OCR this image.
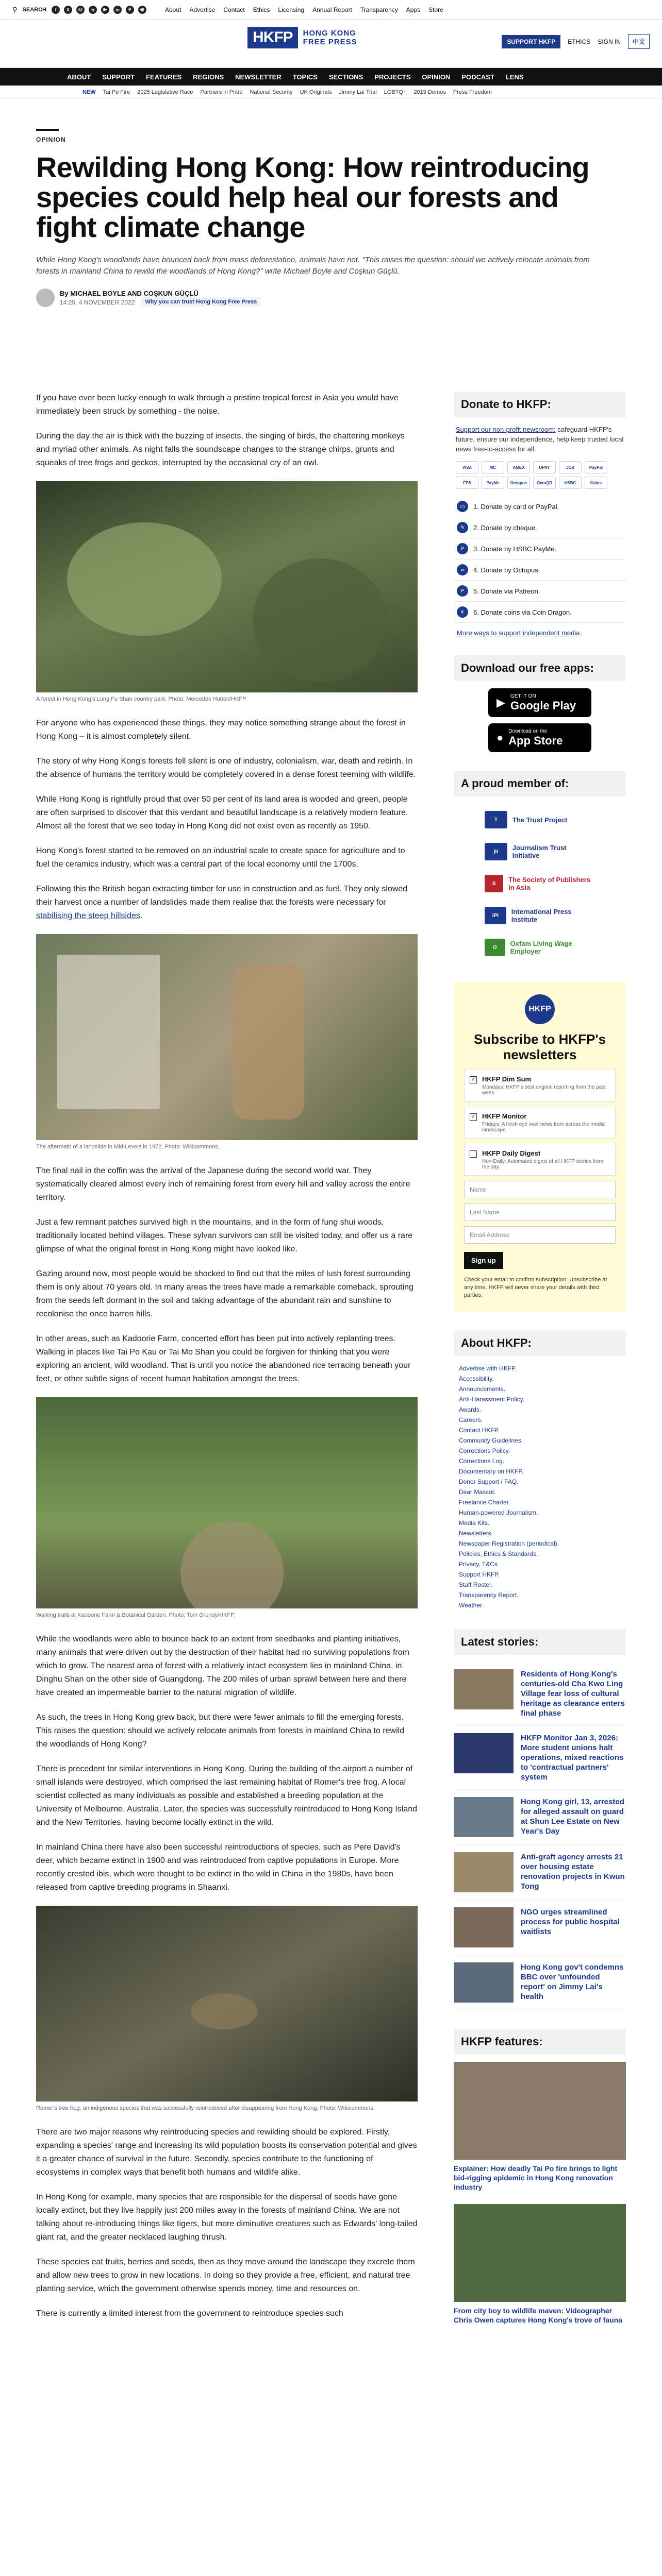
⚲ SEARCH	f	X	◎	b	▶	in	✈	◉	About Advertise Contact Ethics Licensing Annual Report Transparency Apps Store
HKFP	HONG KONG
FREE PRESS	SUPPORT HKFP	ETHICS SIGN IN	中文
ABOUT SUPPORT FEATURES REGIONS NEWSLETTER TOPICS SECTIONS PROJECTS OPINION PODCAST LENS
NEW Tai Po Fire 2025 Legislative Race Partners in Pride National Security UK Originals Jimmy Lai Trial LGBTQ+ 2019 Demos Press Freedom
OPINION
Rewilding Hong Kong: How reintroducing species could help heal our forests and fight climate change
While Hong Kong's woodlands have bounced back from mass deforestation, animals have not. "This raises the question: should we actively relocate animals from forests in mainland China to rewild the woodlands of Hong Kong?" write Michael Boyle and Coşkun Güçlü.
By MICHAEL BOYLE AND COŞKUN GÜÇLÜ
14:25, 4 NOVEMBER 2022	Why you can trust Hong Kong Free Press

If you have ever been lucky enough to walk through a pristine tropical forest in Asia you would have immediately been struck by something - the noise.

During the day the air is thick with the buzzing of insects, the singing of birds, the chattering monkeys and myriad other animals. As night falls the soundscape changes to the strange chirps, grunts and squeaks of tree frogs and geckos, interrupted by the occasional cry of an owl.

A forest in Hong Kong's Lung Fu Shan country park. Photo: Mercedes Hutton/HKFP.

For anyone who has experienced these things, they may notice something strange about the forest in Hong Kong – it is almost completely silent.

The story of why Hong Kong's forests fell silent is one of industry, colonialism, war, death and rebirth. In the absence of humans the territory would be completely covered in a dense forest teeming with wildlife.

While Hong Kong is rightfully proud that over 50 per cent of its land area is wooded and green, people are often surprised to discover that this verdant and beautiful landscape is a relatively modern feature. Almost all the forest that we see today in Hong Kong did not exist even as recently as 1950.

Hong Kong's forest started to be removed on an industrial scale to create space for agriculture and to fuel the ceramics industry, which was a central part of the local economy until the 1700s.

Following this the British began extracting timber for use in construction and as fuel. They only slowed their harvest once a number of landslides made them realise that the forests were necessary for stabilising the steep hillsides.

The aftermath of a landslide in Mid-Levels in 1972. Photo: Wikicommons.

The final nail in the coffin was the arrival of the Japanese during the second world war. They systematically cleared almost every inch of remaining forest from every hill and valley across the entire territory.

Just a few remnant patches survived high in the mountains, and in the form of fung shui woods, traditionally located behind villages. These sylvan survivors can still be visited today, and offer us a rare glimpse of what the original forest in Hong Kong might have looked like.

Gazing around now, most people would be shocked to find out that the miles of lush forest surrounding them is only about 70 years old. In many areas the trees have made a remarkable comeback, sprouting from the seeds left dormant in the soil and taking advantage of the abundant rain and sunshine to recolonise the once barren hills.

In other areas, such as Kadoorie Farm, concerted effort has been put into actively replanting trees. Walking in places like Tai Po Kau or Tai Mo Shan you could be forgiven for thinking that you were exploring an ancient, wild woodland. That is until you notice the abandoned rice terracing beneath your feet, or other subtle signs of recent human habitation amongst the trees.

Walking trails at Kadoorie Farm & Botanical Garden. Photo: Tom Grundy/HKFP.

While the woodlands were able to bounce back to an extent from seedbanks and planting initiatives, many animals that were driven out by the destruction of their habitat had no surviving populations from which to grow. The nearest area of forest with a relatively intact ecosystem lies in mainland China, in Dinghu Shan on the other side of Guangdong. The 200 miles of urban sprawl between here and there have created an impermeable barrier to the natural migration of wildlife.

As such, the trees in Hong Kong grew back, but there were fewer animals to fill the emerging forests. This raises the question: should we actively relocate animals from forests in mainland China to rewild the woodlands of Hong Kong?

There is precedent for similar interventions in Hong Kong. During the building of the airport a number of small islands were destroyed, which comprised the last remaining habitat of Romer's tree frog. A local scientist collected as many individuals as possible and established a breeding population at the University of Melbourne, Australia. Later, the species was successfully reintroduced to Hong Kong Island and the New Territories, having become locally extinct in the wild.

In mainland China there have also been successful reintroductions of species, such as Pere David's deer, which became extinct in 1900 and was reintroduced from captive populations in Europe. More recently crested ibis, which were thought to be extinct in the wild in China in the 1980s, have been released from captive breeding programs in Shaanxi.

Romer's tree frog, an indigenous species that was successfully reintroduced after disappearing from Hong Kong. Photo: Wikicommons.

There are two major reasons why reintroducing species and rewilding should be explored. Firstly, expanding a species' range and increasing its wild population boosts its conservation potential and gives it a greater chance of survival in the future. Secondly, species contribute to the functioning of ecosystems in complex ways that benefit both humans and wildlife alike.

In Hong Kong for example, many species that are responsible for the dispersal of seeds have gone locally extinct, but they live happily just 200 miles away in the forests of mainland China. We are not talking about re-introducing things like tigers, but more diminutive creatures such as Edwards' long-tailed giant rat, and the greater necklaced laughing thrush.

These species eat fruits, berries and seeds, then as they move around the landscape they excrete them and allow new trees to grow in new locations. In doing so they provide a free, efficient, and natural tree planting service, which the government otherwise spends money, time and resources on.

There is currently a limited interest from the government to reintroduce species such

Donate to HKFP:
Support our non-profit newsroom: safeguard HKFP's future, ensure our independence, help keep trusted local news free-to-access for all.
VISA	MC	AMEX	UPAY	JCB	PayPal
FPS	PayMe	Octopus	OctoQR	HSBC	Coins
▭	1. Donate by card or PayPal.
✎	2. Donate by cheque.
P	3. Donate by HSBC PayMe.
∞	4. Donate by Octopus.
P	5. Donate via Patreon.
¢	6. Donate coins via Coin Dragon.
More ways to support independent media.
Download our free apps:
▶ GET IT ON
Google Play
● Download on the
App Store
A proud member of:
T	The Trust Project
jti	Journalism Trust Initiative
S	The Society of Publishers in Asia
IPI	International Press Institute
O	Oxfam Living Wage Employer
HKFP
Subscribe to HKFP's newsletters
✓ HKFP Dim Sum
Mondays: HKFP's best original reporting from the past week.
✓ HKFP Monitor
Fridays: A fresh eye over news from across the media landscape.
HKFP Daily Digest
Non-Daily: Automated digest of all HKFP stories from the day.
Name
Last Name
Email Address
Sign up
Check your email to confirm subscription. Unsubscribe at any time. HKFP will never share your details with third parties.
About HKFP:
Advertise with HKFP.
Accessibility.
Announcements.
Anti-Harassment Policy.
Awards.
Careers.
Contact HKFP.
Community Guidelines.
Corrections Policy.
Corrections Log.
Documentary on HKFP.
Donor Support / FAQ.
Dear Mascot.
Freelance Charter.
Human-powered Journalism.
Media Kits.
Newsletters.
Newspaper Registration (periodical).
Policies, Ethics & Standards.
Privacy, T&Cs.
Support HKFP.
Staff Roster.
Transparency Report.
Weather.
Latest stories:
Residents of Hong Kong's centuries-old Cha Kwo Ling Village fear loss of cultural heritage as clearance enters final phase
HKFP Monitor Jan 3, 2026: More student unions halt operations, mixed reactions to 'contractual partners' system
Hong Kong girl, 13, arrested for alleged assault on guard at Shun Lee Estate on New Year's Day
Anti-graft agency arrests 21 over housing estate renovation projects in Kwun Tong
NGO urges streamlined process for public hospital waitlists
Hong Kong gov't condemns BBC over 'unfounded report' on Jimmy Lai's health
HKFP features:
Explainer: How deadly Tai Po fire brings to light bid-rigging epidemic in Hong Kong renovation industry
From city boy to wildlife maven: Videographer Chris Owen captures Hong Kong's trove of fauna
